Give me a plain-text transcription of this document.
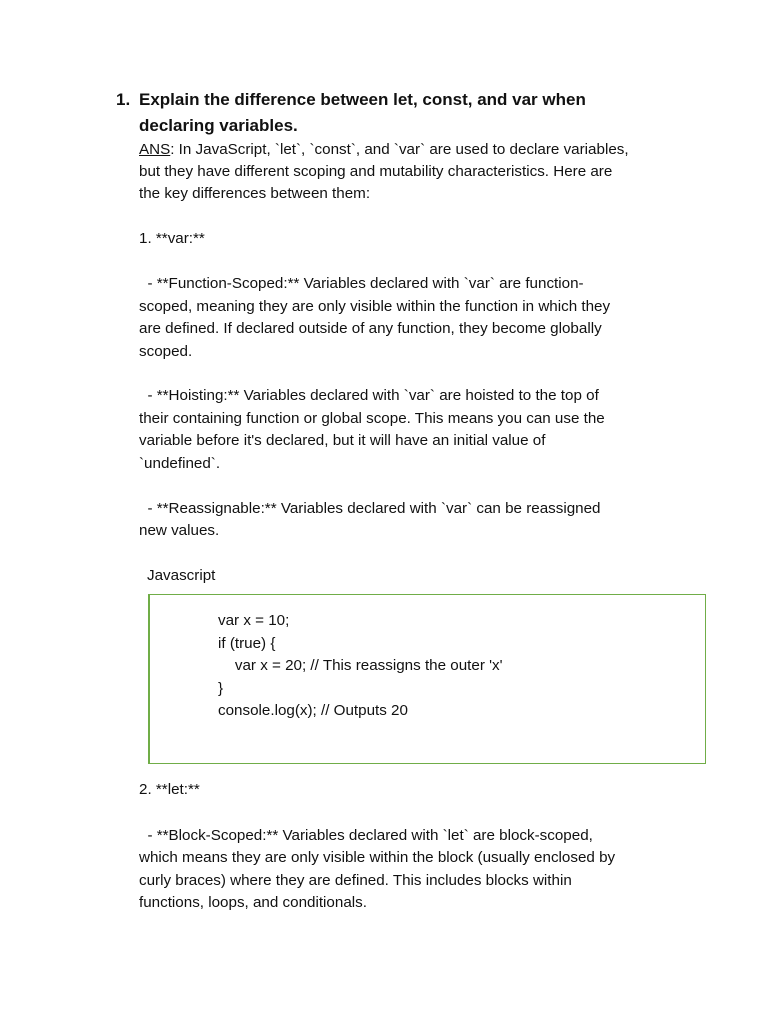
1. Explain the difference between let, const, and var when
declaring variables.
ANS: In JavaScript, `let`, `const`, and `var` are used to declare variables,
but they have different scoping and mutability characteristics. Here are
the key differences between them:
1. **var:**
- **Function-Scoped:** Variables declared with `var` are function-
scoped, meaning they are only visible within the function in which they
are defined. If declared outside of any function, they become globally
scoped.
- **Hoisting:** Variables declared with `var` are hoisted to the top of
their containing function or global scope. This means you can use the
variable before it's declared, but it will have an initial value of
`undefined`.
- **Reassignable:** Variables declared with `var` can be reassigned
new values.
Javascript
var x = 10;
if (true) {
var x = 20; // This reassigns the outer 'x'
}
console.log(x); // Outputs 20
2. **let:**
- **Block-Scoped:** Variables declared with `let` are block-scoped,
which means they are only visible within the block (usually enclosed by
curly braces) where they are defined. This includes blocks within
functions, loops, and conditionals.
